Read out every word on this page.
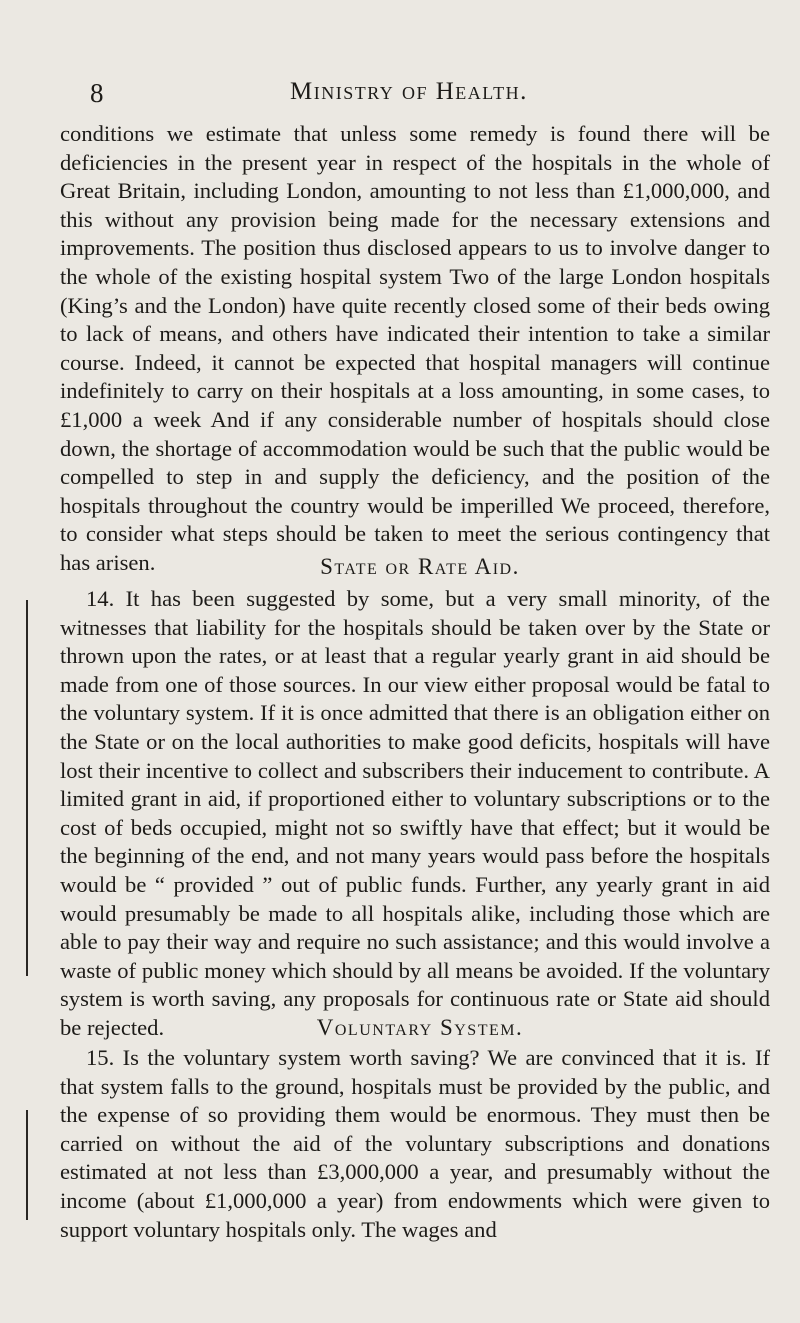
8	Ministry of Health.

conditions we estimate that unless some remedy is found there will be deficiencies in the present year in respect of the hospitals in the whole of Great Britain, including London, amounting to not less than £1,000,000, and this without any provision being made for the necessary extensions and improvements. The position thus disclosed appears to us to involve danger to the whole of the existing hospital system Two of the large London hospitals (King’s and the London) have quite recently closed some of their beds owing to lack of means, and others have indicated their intention to take a similar course. Indeed, it cannot be expected that hospital managers will continue indefinitely to carry on their hospitals at a loss amounting, in some cases, to £1,000 a week And if any considerable number of hospitals should close down, the shortage of accommodation would be such that the public would be compelled to step in and supply the deficiency, and the position of the hospitals throughout the country would be imperilled We proceed, therefore, to consider what steps should be taken to meet the serious contingency that has arisen.	State or Rate Aid.

14. It has been suggested by some, but a very small minority, of the witnesses that liability for the hospitals should be taken over by the State or thrown upon the rates, or at least that a regular yearly grant in aid should be made from one of those sources. In our view either proposal would be fatal to the voluntary system. If it is once admitted that there is an obligation either on the State or on the local authorities to make good deficits, hospitals will have lost their incentive to collect and subscribers their inducement to contribute. A limited grant in aid, if proportioned either to voluntary subscriptions or to the cost of beds occupied, might not so swiftly have that effect; but it would be the beginning of the end, and not many years would pass before the hospitals would be “ provided ” out of public funds. Further, any yearly grant in aid would presumably be made to all hospitals alike, including those which are able to pay their way and require no such assistance; and this would involve a waste of public money which should by all means be avoided. If the voluntary system is worth saving, any proposals for continuous rate or State aid should be rejected.	Voluntary System.

15. Is the voluntary system worth saving? We are convinced that it is. If that system falls to the ground, hospitals must be provided by the public, and the expense of so providing them would be enormous. They must then be carried on without the aid of the voluntary subscriptions and donations estimated at not less than £3,000,000 a year, and presumably without the income (about £1,000,000 a year) from endowments which were given to support voluntary hospitals only. The wages and
